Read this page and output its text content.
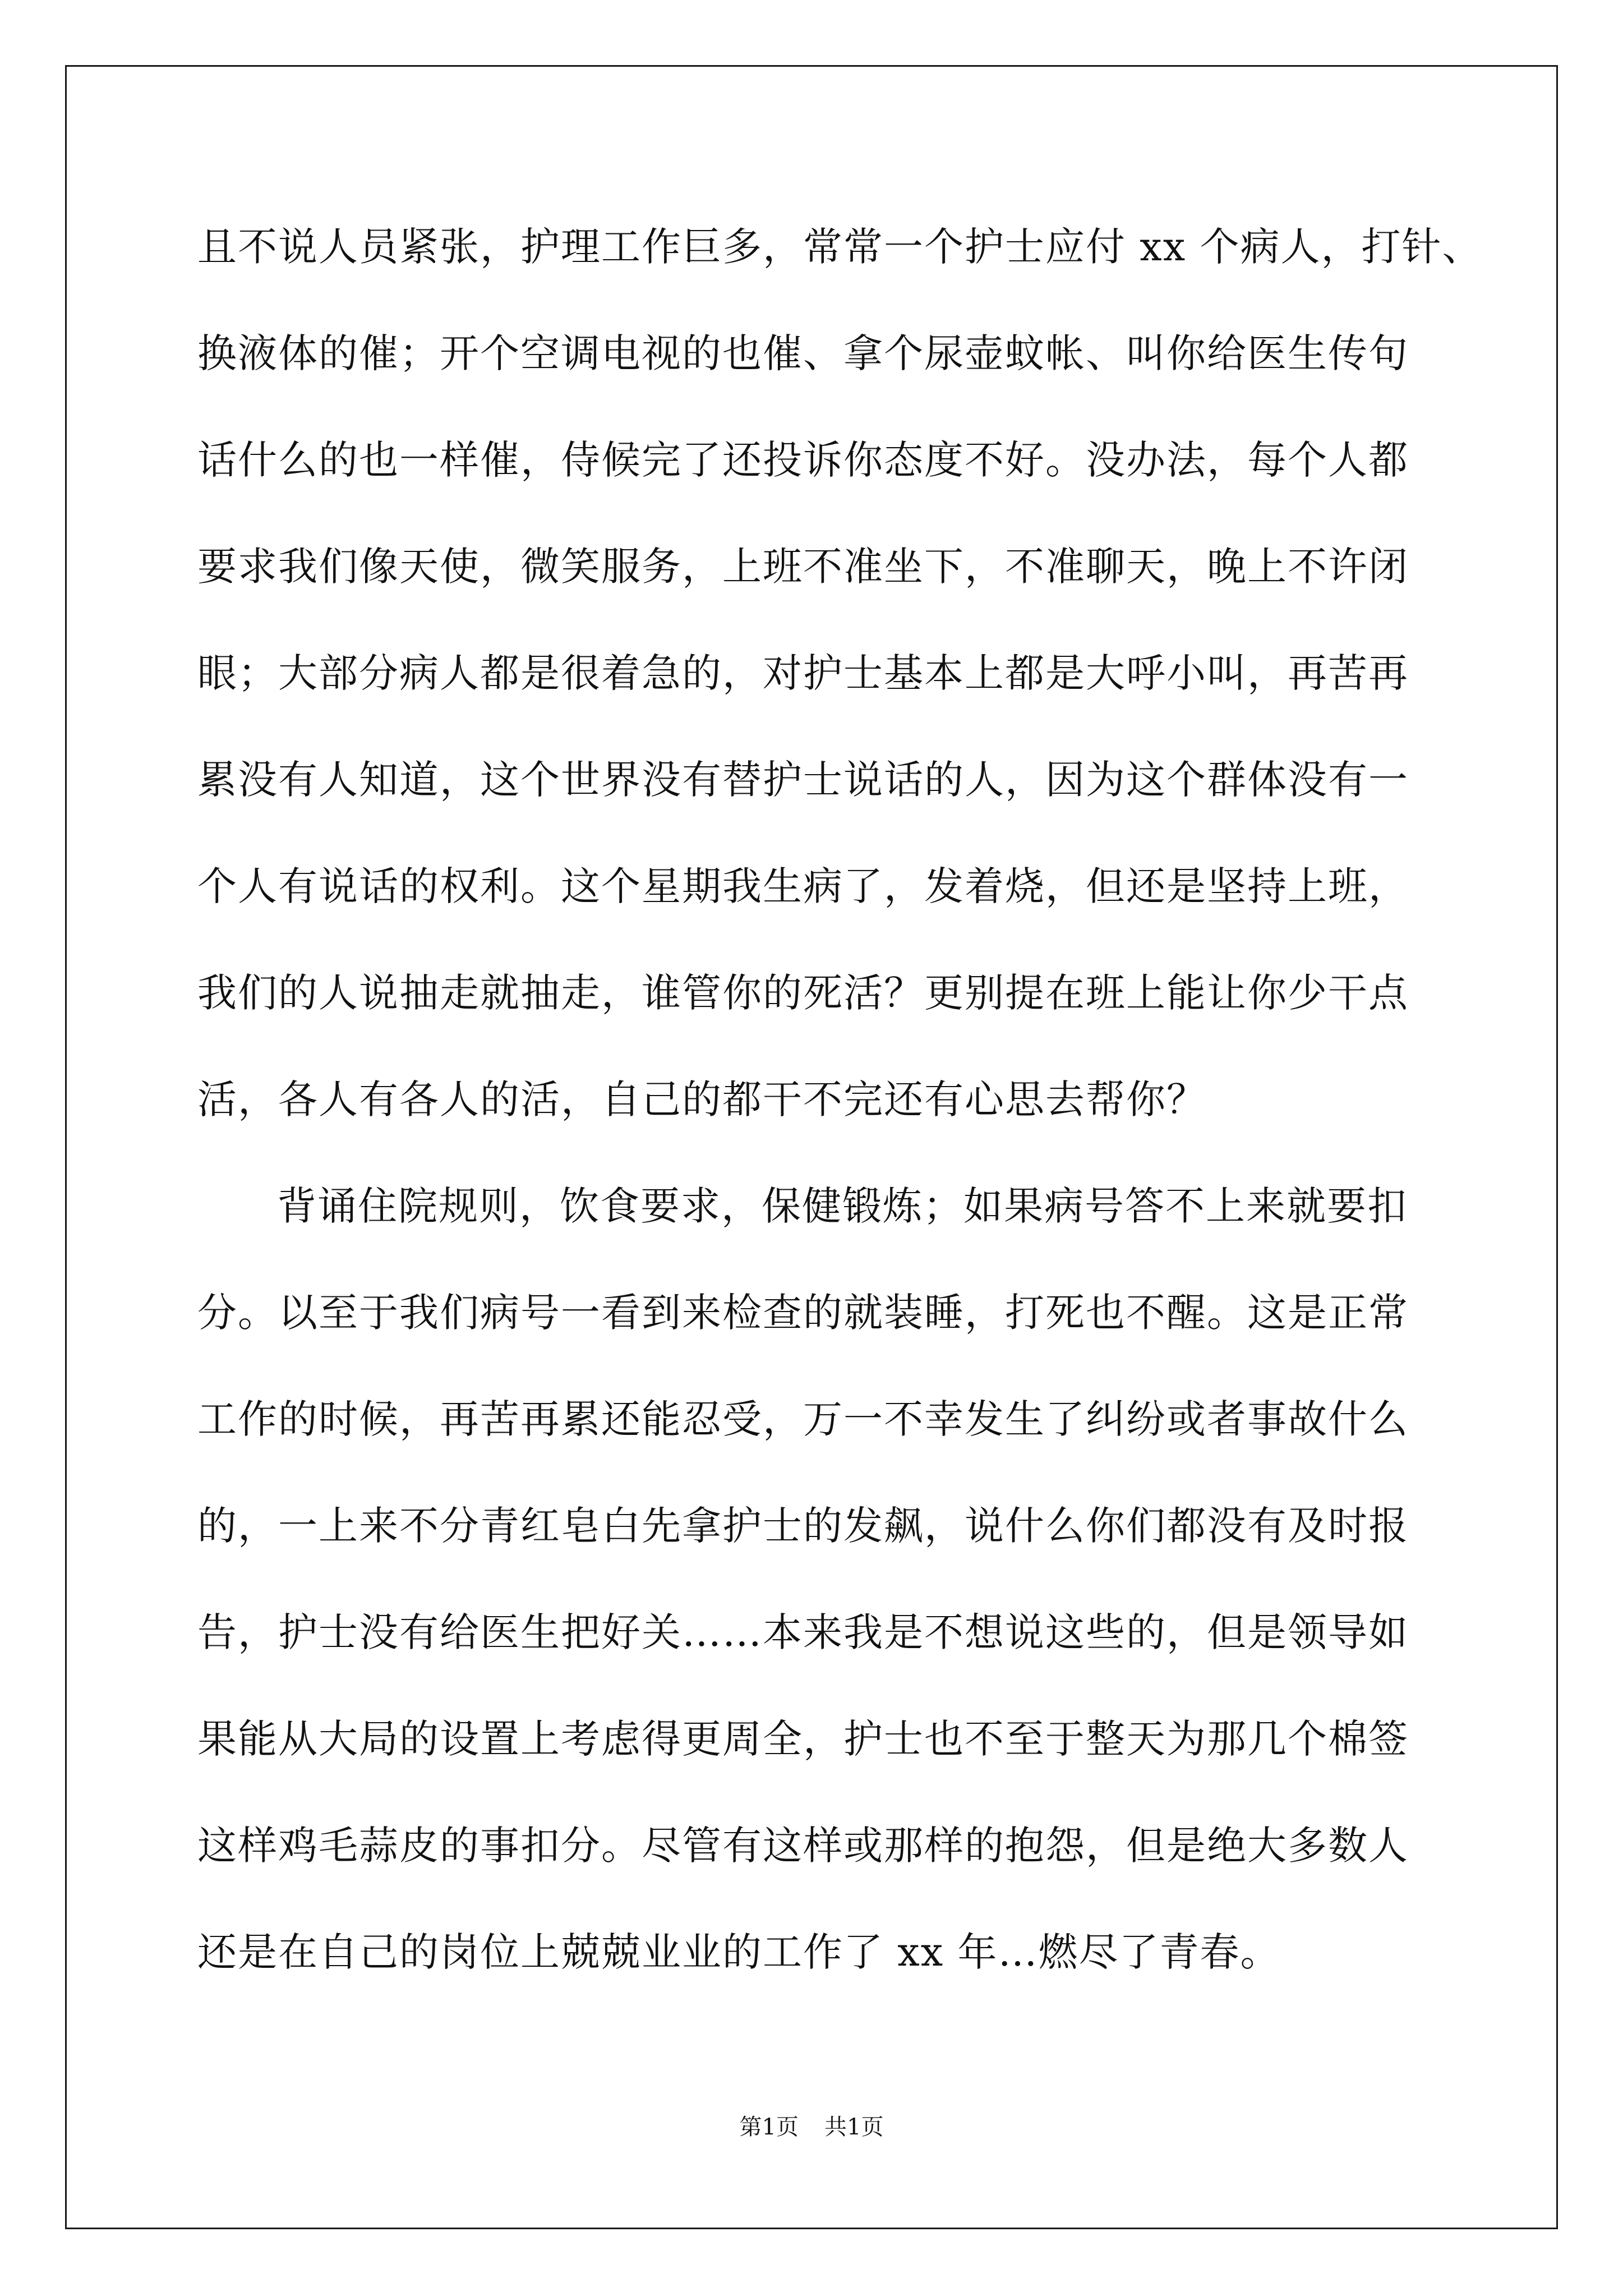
且不说人员紧张，护理工作巨多，常常一个护士应付 xx 个病人，打针、
换液体的催；开个空调电视的也催、拿个尿壶蚊帐、叫你给医生传句
话什么的也一样催，侍候完了还投诉你态度不好。没办法，每个人都
要求我们像天使，微笑服务，上班不准坐下，不准聊天，晚上不许闭
眼；大部分病人都是很着急的，对护士基本上都是大呼小叫，再苦再
累没有人知道，这个世界没有替护士说话的人，因为这个群体没有一
个人有说话的权利。这个星期我生病了，发着烧，但还是坚持上班，
我们的人说抽走就抽走，谁管你的死活？更别提在班上能让你少干点
活，各人有各人的活，自己的都干不完还有心思去帮你？
背诵住院规则，饮食要求，保健锻炼；如果病号答不上来就要扣
分。以至于我们病号一看到来检查的就装睡，打死也不醒。这是正常
工作的时候，再苦再累还能忍受，万一不幸发生了纠纷或者事故什么
的，一上来不分青红皂白先拿护士的发飙，说什么你们都没有及时报
告，护士没有给医生把好关……本来我是不想说这些的，但是领导如
果能从大局的设置上考虑得更周全，护士也不至于整天为那几个棉签
这样鸡毛蒜皮的事扣分。尽管有这样或那样的抱怨，但是绝大多数人
还是在自己的岗位上兢兢业业的工作了 xx 年…燃尽了青春。
第1页 共1页
